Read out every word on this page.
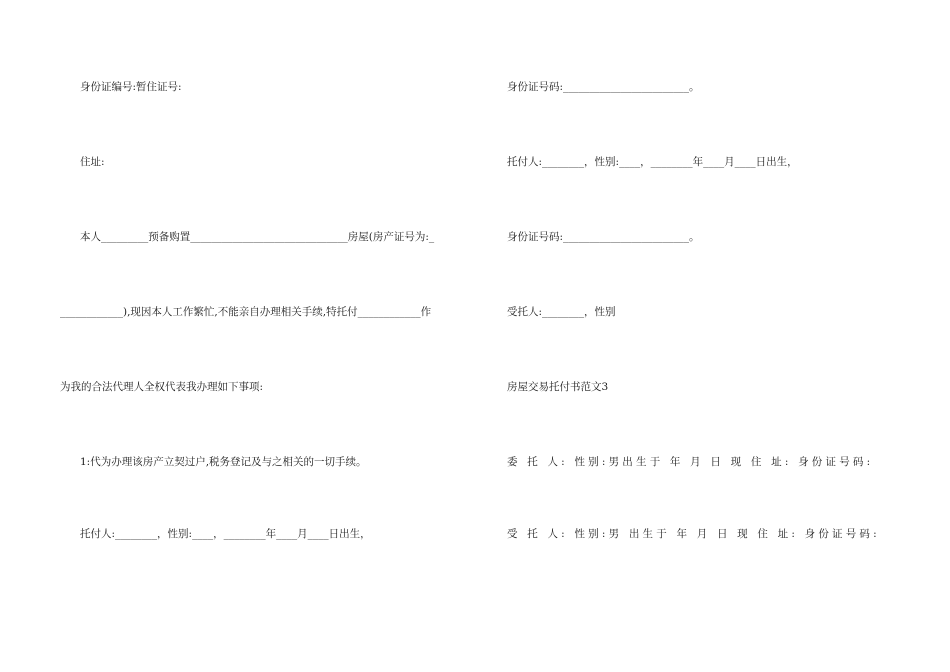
身份证编号:暂住证号:
住址:
本人_________预备购置______________________________房屋(房产证号为:_
____________),现因本人工作繁忙,不能亲自办理相关手续,特托付____________作
为我的合法代理人全权代表我办理如下事项:
1:代为办理该房产立契过户,税务登记及与之相关的一切手续。
托付人:________，性别:____，________年____月____日出生，
身份证号码:________________________。
托付人:________，性别:____，________年____月____日出生，
身份证号码:________________________。
受托人:________，性别
房屋交易托付书范文3
委 托 人: 性别:男出生于 年 月 日 现 住 址: 身份证号码:
受 托 人: 性别:男 出生于 年 月 日 现 住 址: 身份证号码:
